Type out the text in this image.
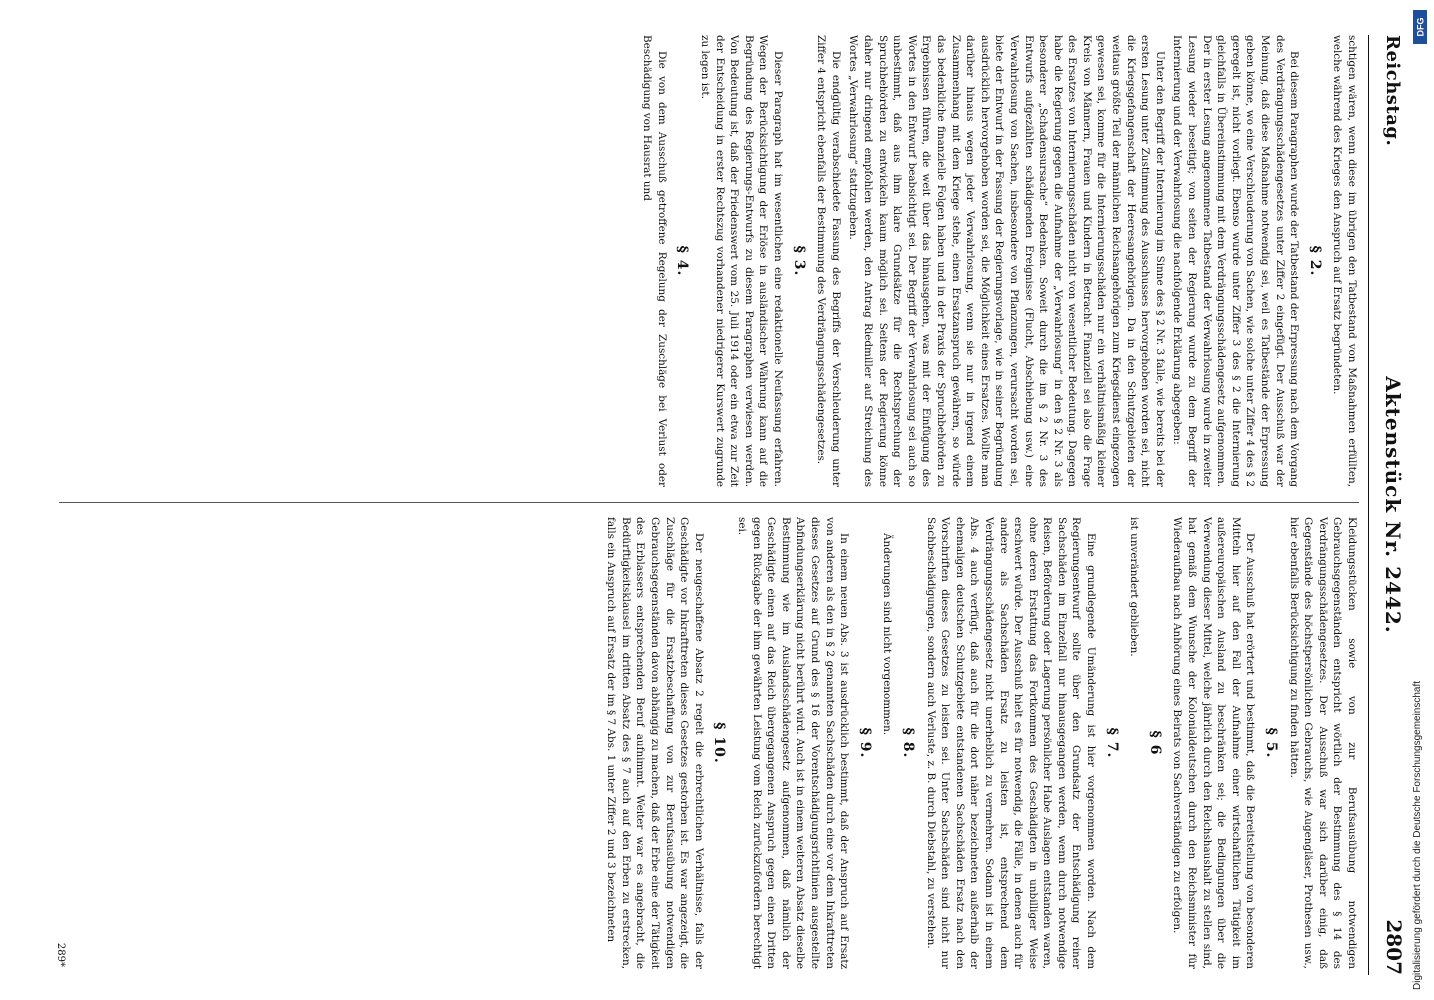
Reichstag.
Aktenstück Nr. 2442.
2807

schtigen wären, wenn diese im übrigen den Tatbestand von Maßnahmen erfüllten, welche während des Krieges den Anspruch auf Ersatz begründeten.

§ 2.

Bei diesem Paragraphen wurde der Tatbestand der Erpressung nach dem Vorgang des Verdrängungsschädengesetzes unter Ziffer 2 eingefügt. Der Ausschuß war der Meinung, daß diese Maßnahme notwendig sei, weil es Tatbestände der Erpressung geben könne, wo eine Verschleuderung von Sachen, wie solche unter Ziffer 4 des § 2 geregelt ist, nicht vorliegt. Ebenso wurde unter Ziffer 3 des § 2 die Internierung gleichfalls in Übereinstimmung mit dem Verdrängungsschädengesetz aufgenommen. Der in erster Lesung angenommene Tatbestand der Verwahrlosung wurde in zweiter Lesung wieder beseitigt; von seiten der Regierung wurde zu dem Begriff der Internierung und der Verwahrlosung die nachfolgende Erklärung abgegeben:

Unter den Begriff der Internierung im Sinne des § 2 Nr. 3 falle, wie bereits bei der ersten Lesung unter Zustimmung des Ausschusses hervorgehoben worden sei, nicht die Kriegsgefangenschaft der Heeresangehörigen. Da in den Schutzgebieten der weitaus größte Teil der männlichen Reichsangehörigen zum Kriegsdienst eingezogen gewesen sei, komme für die Internierungsschäden nur ein verhältnismäßig kleiner Kreis von Männern, Frauen und Kindern in Betracht. Finanziell sei also die Frage des Ersatzes von Internierungsschäden nicht von wesentlicher Bedeutung. Dagegen habe die Regierung gegen die Aufnahme der „Verwahrlosung“ in den § 2 Nr. 3 als besonderer „Schadensursache“ Bedenken. Soweit durch die im § 2 Nr. 3 des Entwurfs aufgezählten schädigenden Ereignisse (Flucht, Abschiebung usw.) eine Verwahrlosung von Sachen, insbesondere von Pflanzungen, verursacht worden sei, biete der Entwurf in der Fassung der Regierungsvorlage, wie in seiner Begründung ausdrücklich hervorgehoben worden sei, die Möglichkeit eines Ersatzes. Wollte man darüber hinaus wegen jeder Verwahrlosung, wenn sie nur in irgend einem Zusammenhang mit dem Kriege stehe, einen Ersatzanspruch gewähren, so würde das bedenkliche finanzielle Folgen haben und in der Praxis der Spruchbehörden zu Ergebnissen führen, die weit über das hinausgehen, was mit der Einfügung des Wortes in den Entwurf beabsichtigt sei. Der Begriff der Verwahrlosung sei auch so unbestimmt, daß aus ihm klare Grundsätze für die Rechtsprechung der Spruchbehörden zu entwickeln kaum möglich sei. Seitens der Regierung könne daher nur dringend empfohlen werden, den Antrag Riedmiller auf Streichung des Wortes „Verwahrlosung“ stattzugeben.

Die endgültig verabschiedete Fassung des Begriffs der Verschleuderung unter Ziffer 4 entspricht ebenfalls der Bestimmung des Verdrängungsschädengesetzes.

§ 3.

Dieser Paragraph hat im wesentlichen eine redaktionelle Neufassung erfahren. Wegen der Berücksichtigung der Erlöse in ausländischer Währung kann auf die Begründung des Regierungs-Entwurfs zu diesem Paragraphen verwiesen werden. Von Bedeutung ist, daß der Friedenswert vom 25. Juli 1914 oder ein etwa zur Zeit der Entscheidung in erster Rechtszug vorhandener niedrigerer Kurswert zugrunde zu legen ist.

§ 4.

Die von dem Ausschuß getroffene Regelung der Zuschläge bei Verlust oder Beschädigung von Hausrat und

Kleidungsstücken sowie von zur Berufsausübung notwendigen Gebrauchsgegenständen entspricht wörtlich der Bestimmung des § 14 des Verdrängungsschädengesetzes. Der Ausschuß war sich darüber einig, daß Gegenstände des höchstpersönlichen Gebrauchs, wie Augengläser, Prothesen usw., hier ebenfalls Berücksichtigung zu finden hätten.

§ 5.

Der Ausschuß hat erörtert und bestimmt, daß die Bereitstellung von besonderen Mitteln hier auf den Fall der Aufnahme einer wirtschaftlichen Tätigkeit im außereuropäischen Ausland zu beschränken sei; die Bedingungen über die Verwendung dieser Mittel, welche jährlich durch den Reichshaushalt zu stellen sind, hat gemäß dem Wunsche der Kolonialdeutschen durch den Reichsminister für Wiederaufbau nach Anhörung eines Beirats von Sachverständigen zu erfolgen.

§ 6

ist unverändert geblieben.

§ 7.

Eine grundlegende Umänderung ist hier vorgenommen worden. Nach dem Regierungsentwurf sollte über den Grundsatz der Entschädigung reiner Sachschäden im Einzelfall nur hinausgegangen werden, wenn durch notwendige Reisen, Beförderung oder Lagerung persönlicher Habe Auslagen entstanden waren, ohne deren Erstattung das Fortkommen des Geschädigten in unbilliger Weise erschwert würde. Der Ausschuß hielt es für notwendig, die Fälle, in denen auch für andere als Sachschäden Ersatz zu leisten ist, entsprechend dem Verdrängungsschädengesetz nicht unerheblich zu vermehren. Sodann ist in einem Abs. 4 auch verfügt, daß auch für die dort näher bezeichneten außerhalb der ehemaligen deutschen Schutzgebiete entstandenen Sachschäden Ersatz nach den Vorschriften dieses Gesetzes zu leisten sei. Unter Sachschäden sind nicht nur Sachbeschädigungen, sondern auch Verluste, z. B. durch Diebstahl, zu verstehen.

§ 8.

Änderungen sind nicht vorgenommen.

§ 9.

In einem neuen Abs. 3 ist ausdrücklich bestimmt, daß der Anspruch auf Ersatz von anderen als den in § 2 genannten Sachschäden durch eine vor dem Inkrafttreten dieses Gesetzes auf Grund des § 16 der Vorentschädigungsrichtlinien ausgestellte Abfindungserklärung nicht berührt wird. Auch ist in einem weiteren Absatz dieselbe Bestimmung wie im Auslandsschädengesetz aufgenommen, daß nämlich der Geschädigte einen auf das Reich übergegangenen Anspruch gegen einen Dritten gegen Rückgabe der ihm gewährten Leistung vom Reich zurückzufordern berechtigt sei.

§ 10.

Der neugeschaffene Absatz 2 regelt die erbrechtlichen Verhältnisse, falls der Geschädigte vor Inkrafttreten dieses Gesetzes gestorben ist. Es war angezeigt, die Zuschläge für die Ersatzbeschaffung von zur Berufsausübung notwendigen Gebrauchsgegenständen davon abhängig zu machen, daß der Erbe eine der Tätigkeit des Erblassers entsprechenden Beruf aufnimmt. Weiter war es angebracht, die Bedürftigkeitsklausel im dritten Absatz des § 7 auch auf den Erben zu erstrecken, falls ein Anspruch auf Ersatz der im § 7 Abs. 1 unter Ziffer 2 und 3 bezeichneten

289*
DFG
Digitalisierung gefördert durch die Deutsche Forschungsgemeinschaft
